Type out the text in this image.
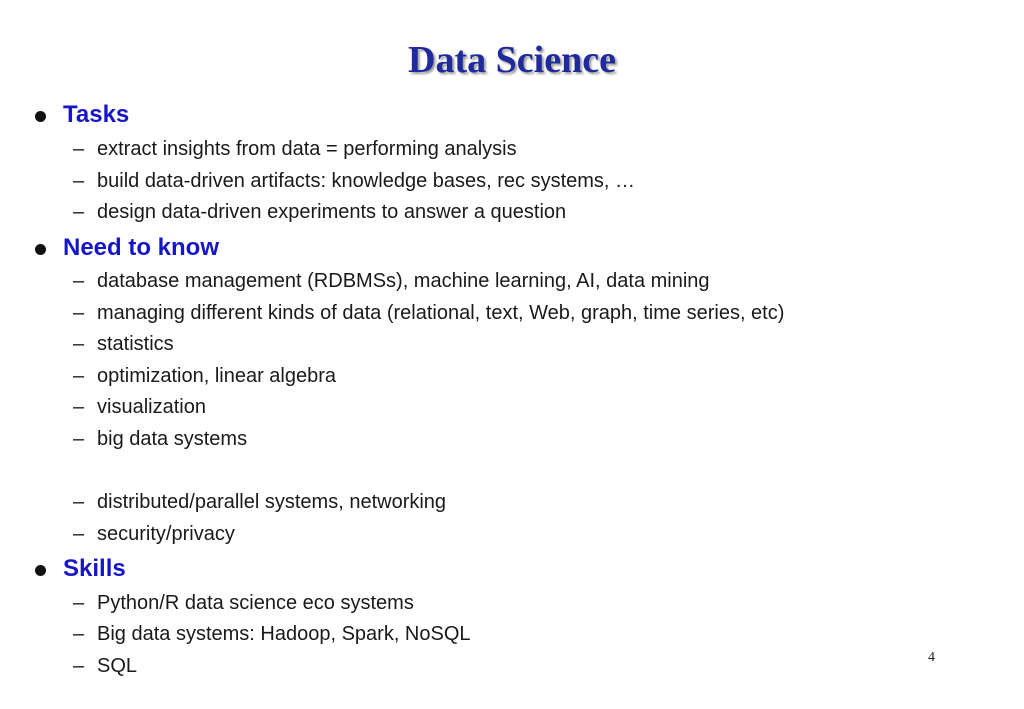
Data Science
Tasks
– extract insights from data = performing analysis
– build data-driven artifacts: knowledge bases, rec systems, …
– design data-driven experiments to answer a question
Need to know
– database management (RDBMSs), machine learning, AI, data mining
– managing different kinds of data (relational, text, Web, graph, time series, etc)
– statistics
– optimization, linear algebra
– visualization
– big data systems
– distributed/parallel systems, networking
– security/privacy
Skills
– Python/R data science eco systems
– Big data systems: Hadoop, Spark, NoSQL
– SQL	4
